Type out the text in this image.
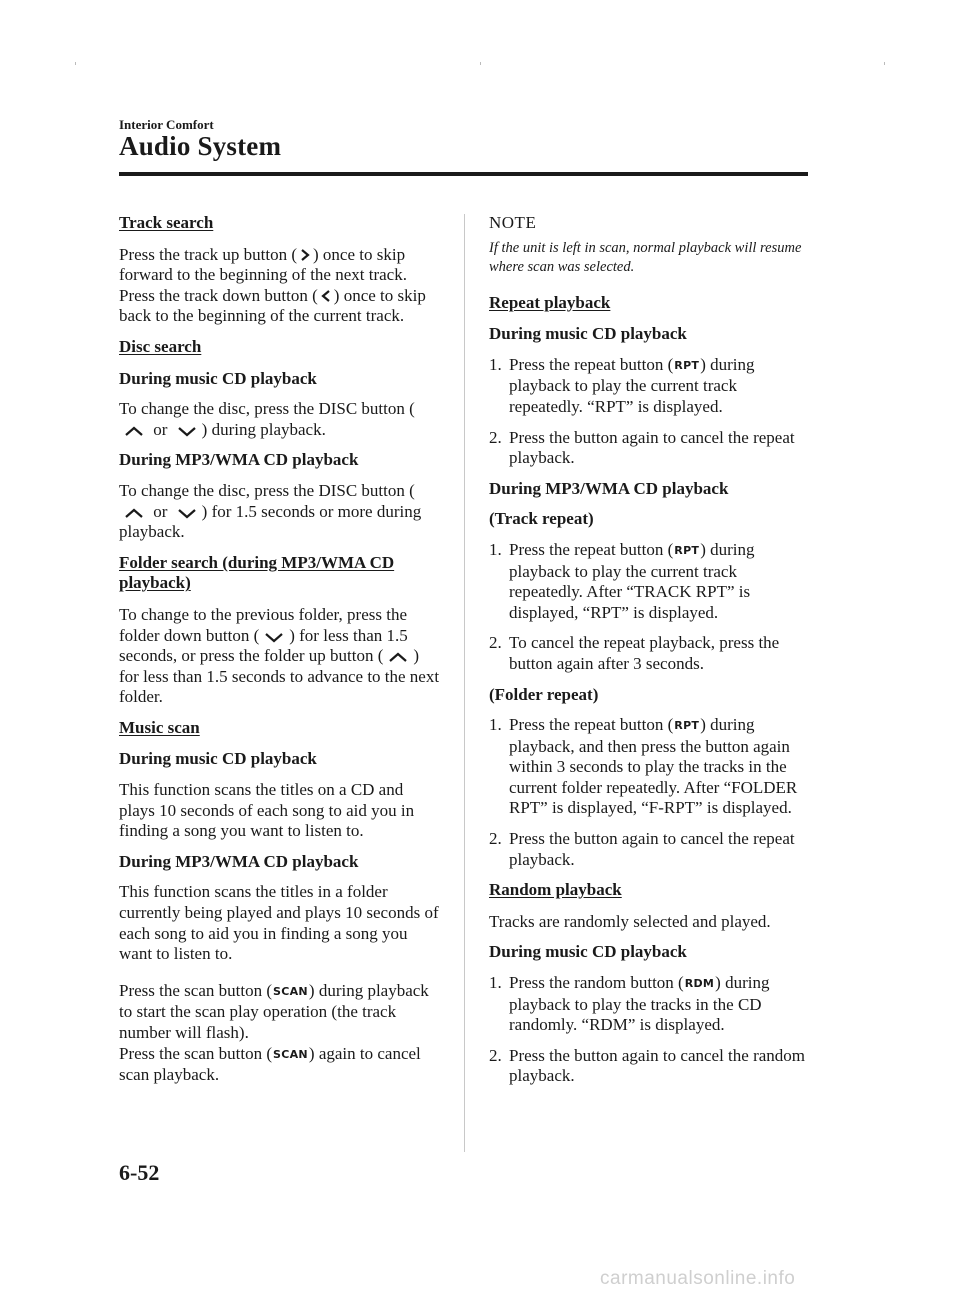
Interior Comfort
Audio System

Track search

Press the track up button ( ) once to skip forward to the beginning of the next track.
Press the track down button ( ) once to skip back to the beginning of the current track.

Disc search

During music CD playback

To change the disc, press the DISC button ( or ) during playback.

During MP3/WMA CD playback

To change the disc, press the DISC button ( or ) for 1.5 seconds or more during playback.

Folder search (during MP3/WMA CD playback)

To change to the previous folder, press the folder down button ( ) for less than 1.5 seconds, or press the folder up button ( ) for less than 1.5 seconds to advance to the next folder.

Music scan

During music CD playback

This function scans the titles on a CD and plays 10 seconds of each song to aid you in finding a song you want to listen to.

During MP3/WMA CD playback

This function scans the titles in a folder currently being played and plays 10 seconds of each song to aid you in finding a song you want to listen to.

Press the scan button (SCAN) during playback to start the scan play operation (the track number will flash).
Press the scan button (SCAN) again to cancel scan playback.

NOTE

If the unit is left in scan, normal playback will resume where scan was selected.

Repeat playback

During music CD playback

1. Press the repeat button (RPT) during playback to play the current track repeatedly. “RPT” is displayed.
2. Press the button again to cancel the repeat playback.

During MP3/WMA CD playback

(Track repeat)

1. Press the repeat button (RPT) during playback to play the current track repeatedly. After “TRACK RPT” is displayed, “RPT” is displayed.
2. To cancel the repeat playback, press the button again after 3 seconds.

(Folder repeat)

1. Press the repeat button (RPT) during playback, and then press the button again within 3 seconds to play the tracks in the current folder repeatedly. After “FOLDER RPT” is displayed, “F-RPT” is displayed.
2. Press the button again to cancel the repeat playback.

Random playback

Tracks are randomly selected and played.

During music CD playback

1. Press the random button (RDM) during playback to play the tracks in the CD randomly. “RDM” is displayed.
2. Press the button again to cancel the random playback.
6-52
carmanualsonline.info
